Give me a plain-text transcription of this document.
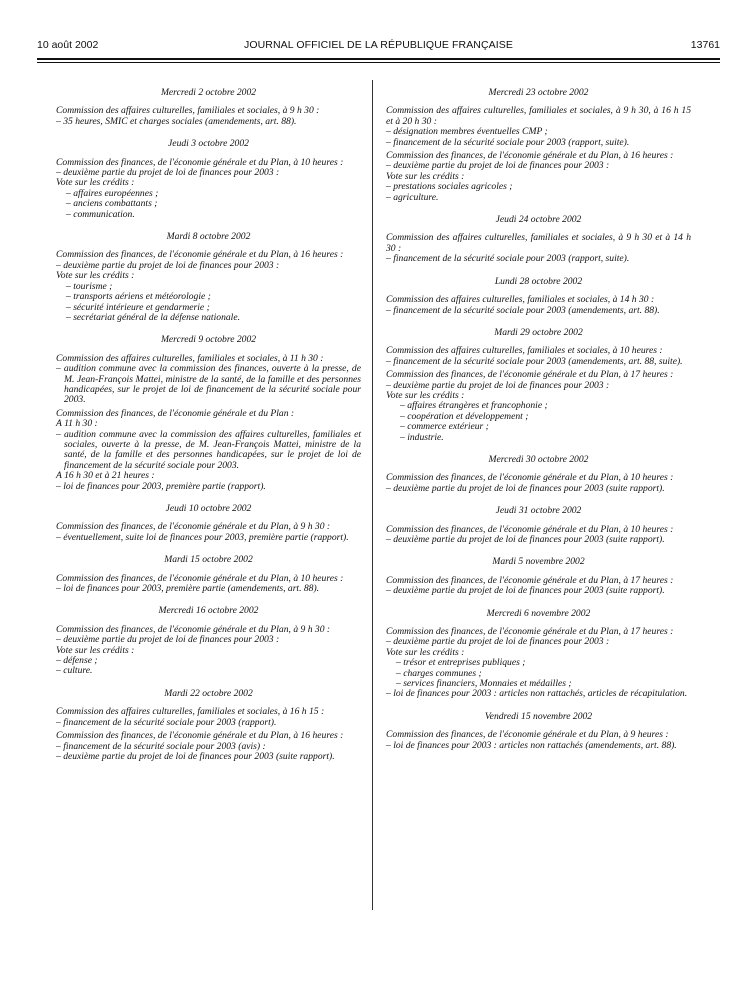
10 août 2002	JOURNAL OFFICIEL DE LA RÉPUBLIQUE FRANÇAISE	13761
Mercredi 2 octobre 2002
Commission des affaires culturelles, familiales et sociales, à 9 h 30 :
– 35 heures, SMIC et charges sociales (amendements, art. 88).
Jeudi 3 octobre 2002
Commission des finances, de l'économie générale et du Plan, à 10 heures :
– deuxième partie du projet de loi de finances pour 2003 :
Vote sur les crédits :
– affaires européennes ;
– anciens combattants ;
– communication.
Mardi 8 octobre 2002
Commission des finances, de l'économie générale et du Plan, à 16 heures :
– deuxième partie du projet de loi de finances pour 2003 :
Vote sur les crédits :
– tourisme ;
– transports aériens et météorologie ;
– sécurité intérieure et gendarmerie ;
– secrétariat général de la défense nationale.
Mercredi 9 octobre 2002
Commission des affaires culturelles, familiales et sociales, à 11 h 30 :
– audition commune avec la commission des finances, ouverte à la presse, de M. Jean-François Mattei, ministre de la santé, de la famille et des personnes handicapées, sur le projet de loi de financement de la sécurité sociale pour 2003.
Commission des finances, de l'économie générale et du Plan :
A 11 h 30 :
– audition commune avec la commission des affaires culturelles, familiales et sociales, ouverte à la presse, de M. Jean-François Mattei, ministre de la santé, de la famille et des personnes handicapées, sur le projet de loi de financement de la sécurité sociale pour 2003.
A 16 h 30 et à 21 heures :
– loi de finances pour 2003, première partie (rapport).
Jeudi 10 octobre 2002
Commission des finances, de l'économie générale et du Plan, à 9 h 30 :
– éventuellement, suite loi de finances pour 2003, première partie (rapport).
Mardi 15 octobre 2002
Commission des finances, de l'économie générale et du Plan, à 10 heures :
– loi de finances pour 2003, première partie (amendements, art. 88).
Mercredi 16 octobre 2002
Commission des finances, de l'économie générale et du Plan, à 9 h 30 :
– deuxième partie du projet de loi de finances pour 2003 :
Vote sur les crédits :
– défense ;
– culture.
Mardi 22 octobre 2002
Commission des affaires culturelles, familiales et sociales, à 16 h 15 :
– financement de la sécurité sociale pour 2003 (rapport).
Commission des finances, de l'économie générale et du Plan, à 16 heures :
– financement de la sécurité sociale pour 2003 (avis) :
– deuxième partie du projet de loi de finances pour 2003 (suite rapport).
Mercredi 23 octobre 2002
Commission des affaires culturelles, familiales et sociales, à 9 h 30, à 16 h 15 et à 20 h 30 :
– désignation membres éventuelles CMP ;
– financement de la sécurité sociale pour 2003 (rapport, suite).
Commission des finances, de l'économie générale et du Plan, à 16 heures :
– deuxième partie du projet de loi de finances pour 2003 :
Vote sur les crédits :
– prestations sociales agricoles ;
– agriculture.
Jeudi 24 octobre 2002
Commission des affaires culturelles, familiales et sociales, à 9 h 30 et à 14 h 30 :
– financement de la sécurité sociale pour 2003 (rapport, suite).
Lundi 28 octobre 2002
Commission des affaires culturelles, familiales et sociales, à 14 h 30 :
– financement de la sécurité sociale pour 2003 (amendements, art. 88).
Mardi 29 octobre 2002
Commission des affaires culturelles, familiales et sociales, à 10 heures :
– financement de la sécurité sociale pour 2003 (amendements, art. 88, suite).
Commission des finances, de l'économie générale et du Plan, à 17 heures :
– deuxième partie du projet de loi de finances pour 2003 :
Vote sur les crédits :
– affaires étrangères et francophonie ;
– coopération et développement ;
– commerce extérieur ;
– industrie.
Mercredi 30 octobre 2002
Commission des finances, de l'économie générale et du Plan, à 10 heures :
– deuxième partie du projet de loi de finances pour 2003 (suite rapport).
Jeudi 31 octobre 2002
Commission des finances, de l'économie générale et du Plan, à 10 heures :
– deuxième partie du projet de loi de finances pour 2003 (suite rapport).
Mardi 5 novembre 2002
Commission des finances, de l'économie générale et du Plan, à 17 heures :
– deuxième partie du projet de loi de finances pour 2003 (suite rapport).
Mercredi 6 novembre 2002
Commission des finances, de l'économie générale et du Plan, à 17 heures :
– deuxième partie du projet de loi de finances pour 2003 :
Vote sur les crédits :
– trésor et entreprises publiques ;
– charges communes ;
– services financiers, Monnaies et médailles ;
– loi de finances pour 2003 : articles non rattachés, articles de récapitulation.
Vendredi 15 novembre 2002
Commission des finances, de l'économie générale et du Plan, à 9 heures :
– loi de finances pour 2003 : articles non rattachés (amendements, art. 88).
